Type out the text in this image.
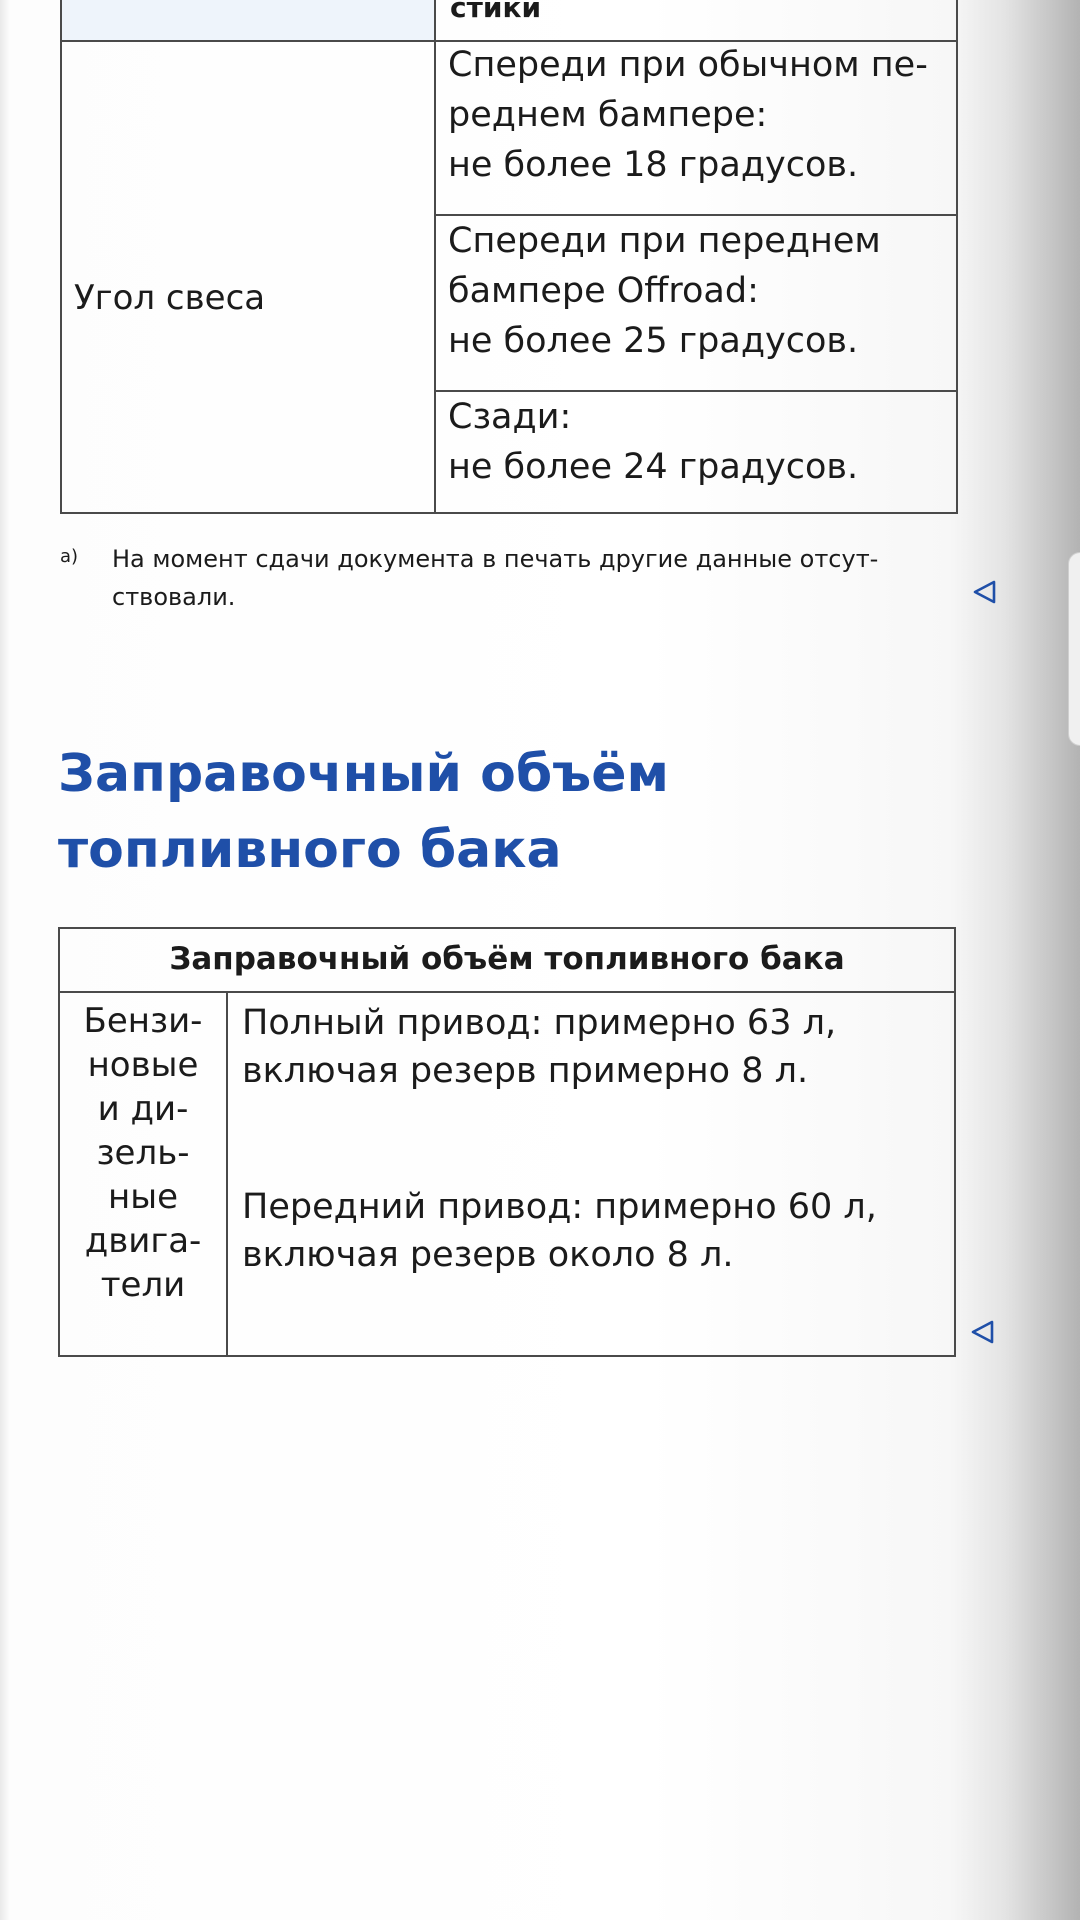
стики
Угол свеса

Спереди при обычном пе-

реднем бампере:

не более 18 градусов.

Спереди при переднем

бампере Offroad:

не более 25 градусов.

Сзади:

не более 24 градусов.

a) На момент сдачи документа в печать другие данные отсут-
ствовали.
Заправочный объём
топливного бака
Заправочный объём топливного бака
Бензи-
новые
и ди-
зель-
ные
двига-
тели

Полный привод: примерно 63 л,

включая резерв примерно 8 л.

Передний привод: примерно 60 л,

включая резерв около 8 л.
